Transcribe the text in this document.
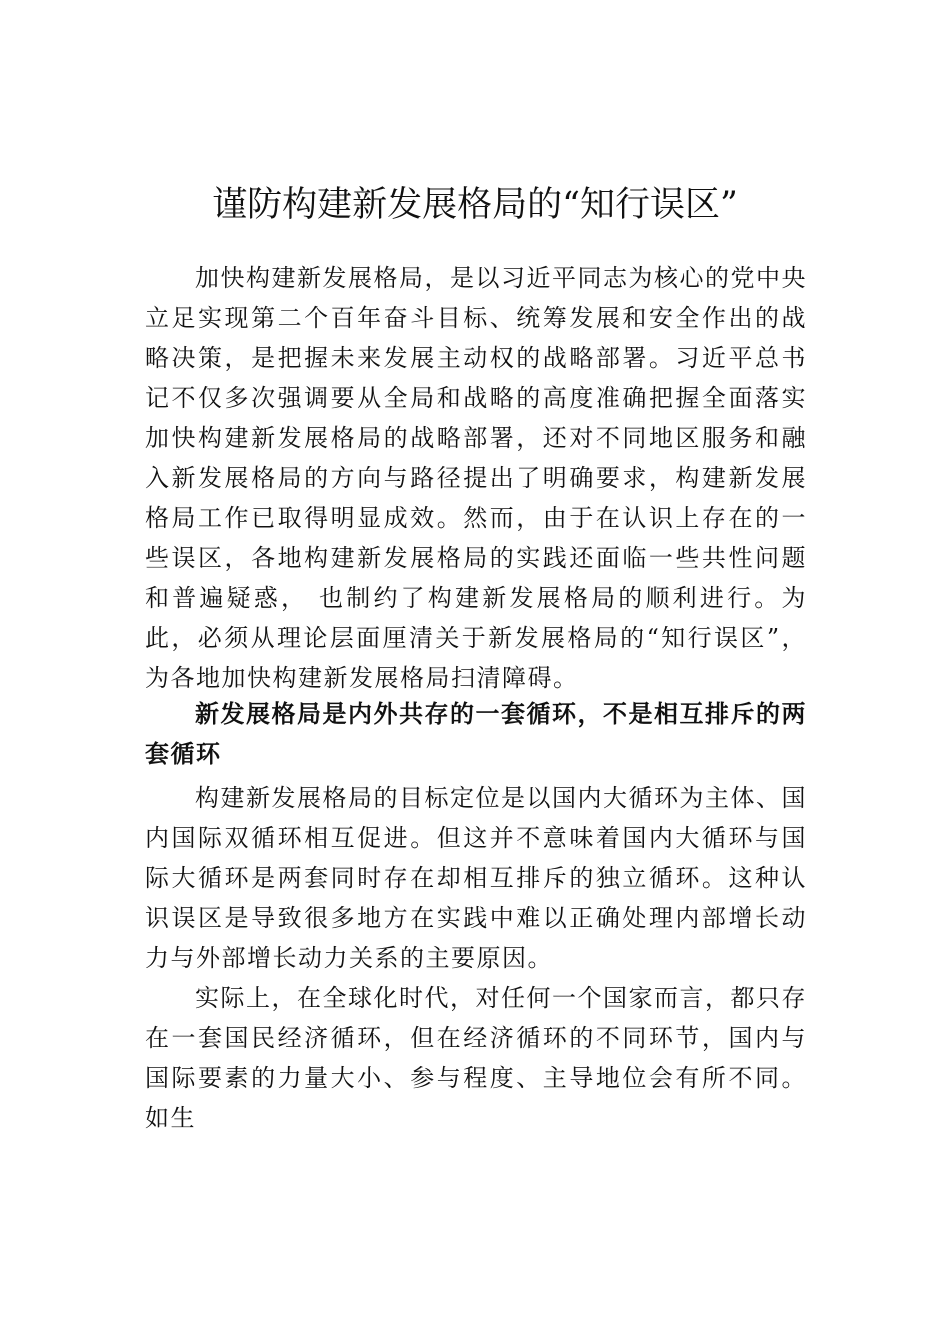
谨防构建新发展格局的“知行误区”

加快构建新发展格局，是以习近平同志为核心的党中央立足实现第二个百年奋斗目标、统筹发展和安全作出的战略决策，是把握未来发展主动权的战略部署。习近平总书记不仅多次强调要从全局和战略的高度准确把握全面落实加快构建新发展格局的战略部署，还对不同地区服务和融入新发展格局的方向与路径提出了明确要求，构建新发展格局工作已取得明显成效。然而，由于在认识上存在的一些误区，各地构建新发展格局的实践还面临一些共性问题和普遍疑惑， 也制约了构建新发展格局的顺利进行。为此，必须从理论层面厘清关于新发展格局的“知行误区”，为各地加快构建新发展格局扫清障碍。

新发展格局是内外共存的一套循环，不是相互排斥的两套循环

构建新发展格局的目标定位是以国内大循环为主体、国内国际双循环相互促进。但这并不意味着国内大循环与国际大循环是两套同时存在却相互排斥的独立循环。这种认识误区是导致很多地方在实践中难以正确处理内部增长动力与外部增长动力关系的主要原因。

实际上，在全球化时代，对任何一个国家而言，都只存在一套国民经济循环，但在经济循环的不同环节，国内与国际要素的力量大小、参与程度、主导地位会有所不同。如生
